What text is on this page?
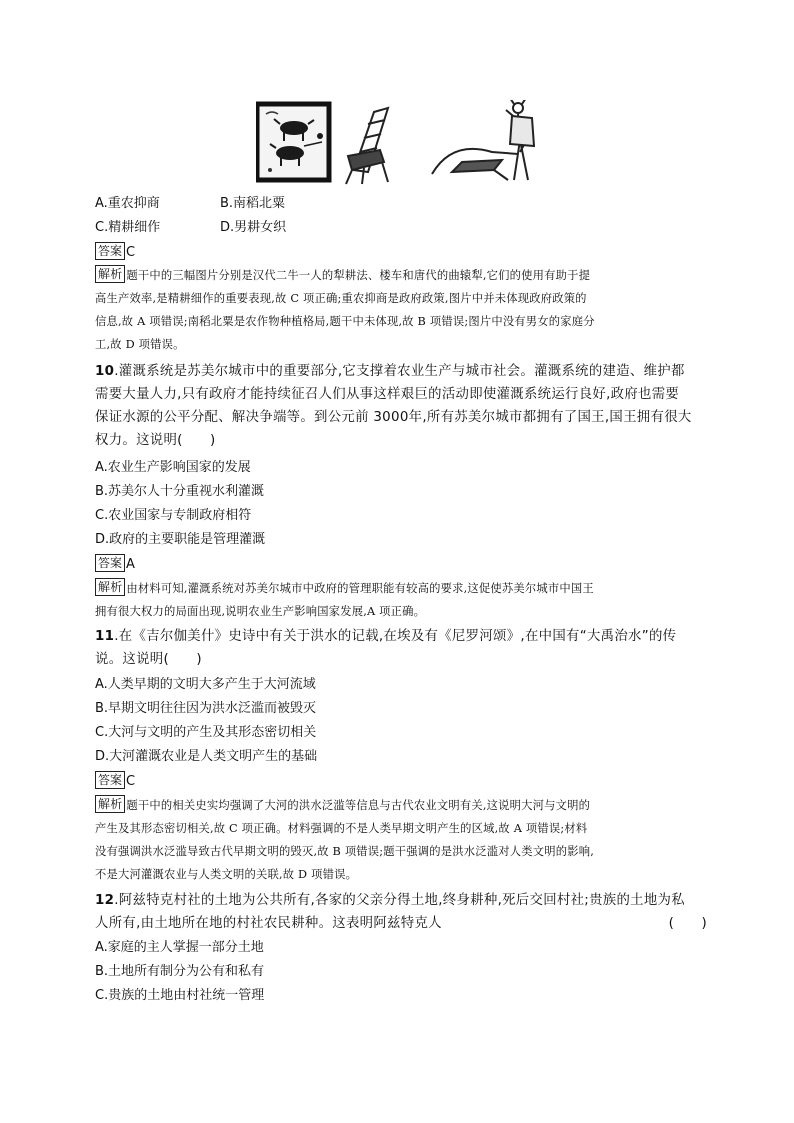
A.重农抑商	B.南稻北粟
C.精耕细作	D.男耕女织
答案 C
解析 题干中的三幅图片分别是汉代二牛一人的犁耕法、楼车和唐代的曲辕犁,它们的使用有助于提
高生产效率,是精耕细作的重要表现,故 C 项正确;重农抑商是政府政策,图片中并未体现政府政策的
信息,故 A 项错误;南稻北粟是农作物种植格局,题干中未体现,故 B 项错误;图片中没有男女的家庭分
工,故 D 项错误。
10.灌溉系统是苏美尔城市中的重要部分,它支撑着农业生产与城市社会。灌溉系统的建造、维护都
需要大量人力,只有政府才能持续征召人们从事这样艰巨的活动即使灌溉系统运行良好,政府也需要
保证水源的公平分配、解决争端等。到公元前 3000年,所有苏美尔城市都拥有了国王,国王拥有很大
权力。这说明(　　)
A.农业生产影响国家的发展
B.苏美尔人十分重视水利灌溉
C.农业国家与专制政府相符
D.政府的主要职能是管理灌溉
答案 A
解析 由材料可知,灌溉系统对苏美尔城市中政府的管理职能有较高的要求,这促使苏美尔城市中国王
拥有很大权力的局面出现,说明农业生产影响国家发展,A 项正确。
11.在《吉尔伽美什》史诗中有关于洪水的记载,在埃及有《尼罗河颂》,在中国有“大禹治水”的传
说。这说明(　　)
A.人类早期的文明大多产生于大河流域
B.早期文明往往因为洪水泛滥而被毁灭
C.大河与文明的产生及其形态密切相关
D.大河灌溉农业是人类文明产生的基础
答案 C
解析 题干中的相关史实均强调了大河的洪水泛滥等信息与古代农业文明有关,这说明大河与文明的
产生及其形态密切相关,故 C 项正确。材料强调的不是人类早期文明产生的区域,故 A 项错误;材料
没有强调洪水泛滥导致古代早期文明的毁灭,故 B 项错误;题干强调的是洪水泛滥对人类文明的影响,
不是大河灌溉农业与人类文明的关联,故 D 项错误。
12.阿兹特克村社的土地为公共所有,各家的父亲分得土地,终身耕种,死后交回村社;贵族的土地为私
人所有,由土地所在地的村社农民耕种。这表明阿兹特克人	(　　)
A.家庭的主人掌握一部分土地
B.土地所有制分为公有和私有
C.贵族的土地由村社统一管理
